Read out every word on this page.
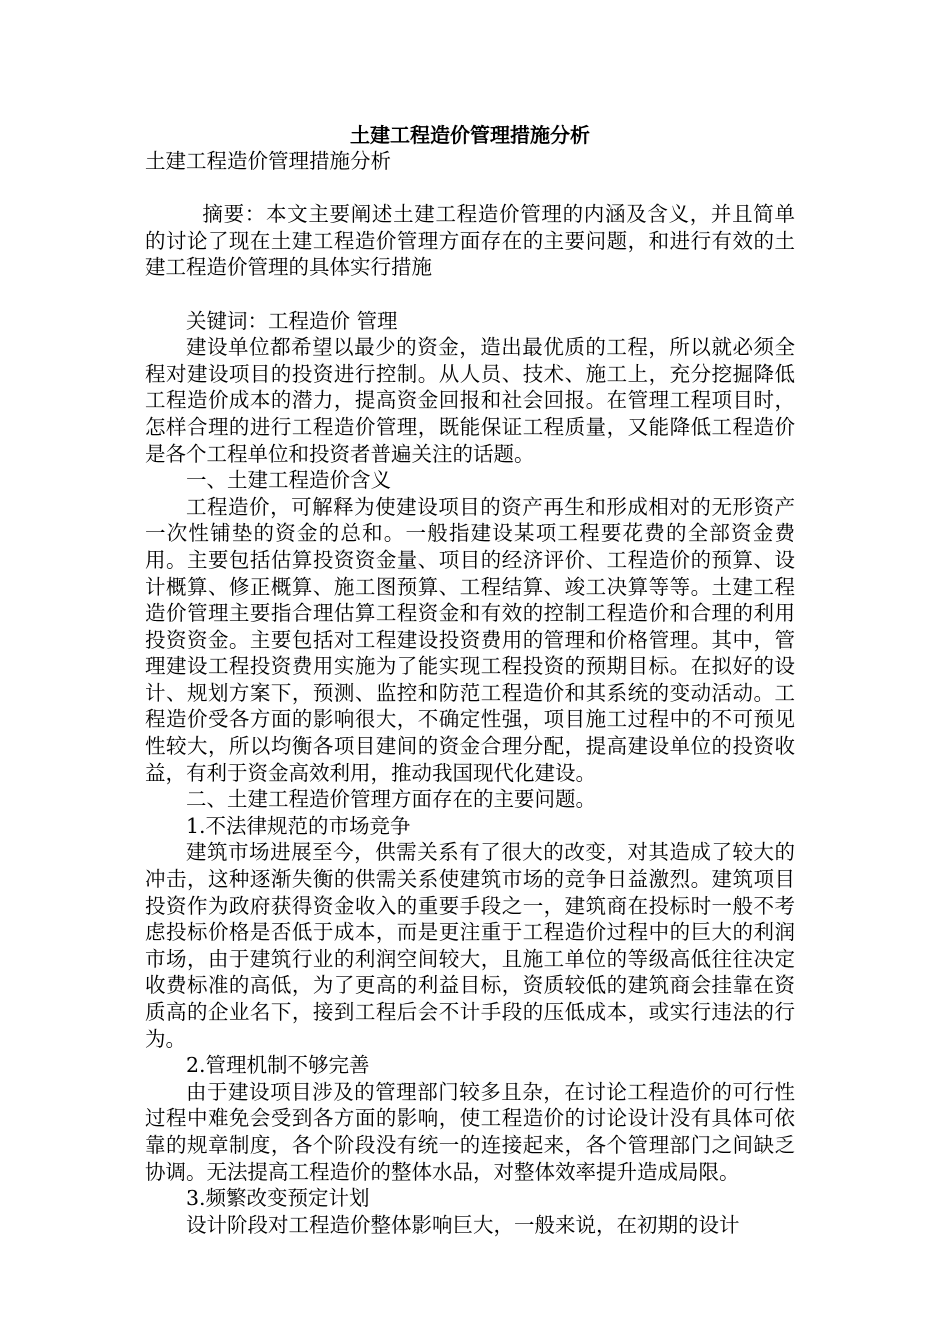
土建工程造价管理措施分析
土建工程造价管理措施分析
摘要：本文主要阐述土建工程造价管理的内涵及含义，并且简单的讨论了现在土建工程造价管理方面存在的主要问题，和进行有效的土建工程造价管理的具体实行措施
关键词：工程造价 管理
建设单位都希望以最少的资金，造出最优质的工程，所以就必须全程对建设项目的投资进行控制。从人员、技术、施工上，充分挖掘降低工程造价成本的潜力，提高资金回报和社会回报。在管理工程项目时，怎样合理的进行工程造价管理，既能保证工程质量，又能降低工程造价是各个工程单位和投资者普遍关注的话题。
一、土建工程造价含义
工程造价，可解释为使建设项目的资产再生和形成相对的无形资产一次性铺垫的资金的总和。一般指建设某项工程要花费的全部资金费用。主要包括估算投资资金量、项目的经济评价、工程造价的预算、设计概算、修正概算、施工图预算、工程结算、竣工决算等等。土建工程造价管理主要指合理估算工程资金和有效的控制工程造价和合理的利用投资资金。主要包括对工程建设投资费用的管理和价格管理。其中，管理建设工程投资费用实施为了能实现工程投资的预期目标。在拟好的设计、规划方案下，预测、监控和防范工程造价和其系统的变动活动。工程造价受各方面的影响很大，不确定性强，项目施工过程中的不可预见性较大，所以均衡各项目建间的资金合理分配，提高建设单位的投资收益，有利于资金高效利用，推动我国现代化建设。
二、土建工程造价管理方面存在的主要问题。
1.不法律规范的市场竞争
建筑市场进展至今，供需关系有了很大的改变，对其造成了较大的冲击，这种逐渐失衡的供需关系使建筑市场的竞争日益激烈。建筑项目投资作为政府获得资金收入的重要手段之一，建筑商在投标时一般不考虑投标价格是否低于成本，而是更注重于工程造价过程中的巨大的利润市场，由于建筑行业的利润空间较大，且施工单位的等级高低往往决定收费标准的高低，为了更高的利益目标，资质较低的建筑商会挂靠在资质高的企业名下，接到工程后会不计手段的压低成本，或实行违法的行为。
2.管理机制不够完善
由于建设项目涉及的管理部门较多且杂，在讨论工程造价的可行性过程中难免会受到各方面的影响，使工程造价的讨论设计没有具体可依靠的规章制度，各个阶段没有统一的连接起来，各个管理部门之间缺乏协调。无法提高工程造价的整体水品，对整体效率提升造成局限。
3.频繁改变预定计划
设计阶段对工程造价整体影响巨大，一般来说，在初期的设计
